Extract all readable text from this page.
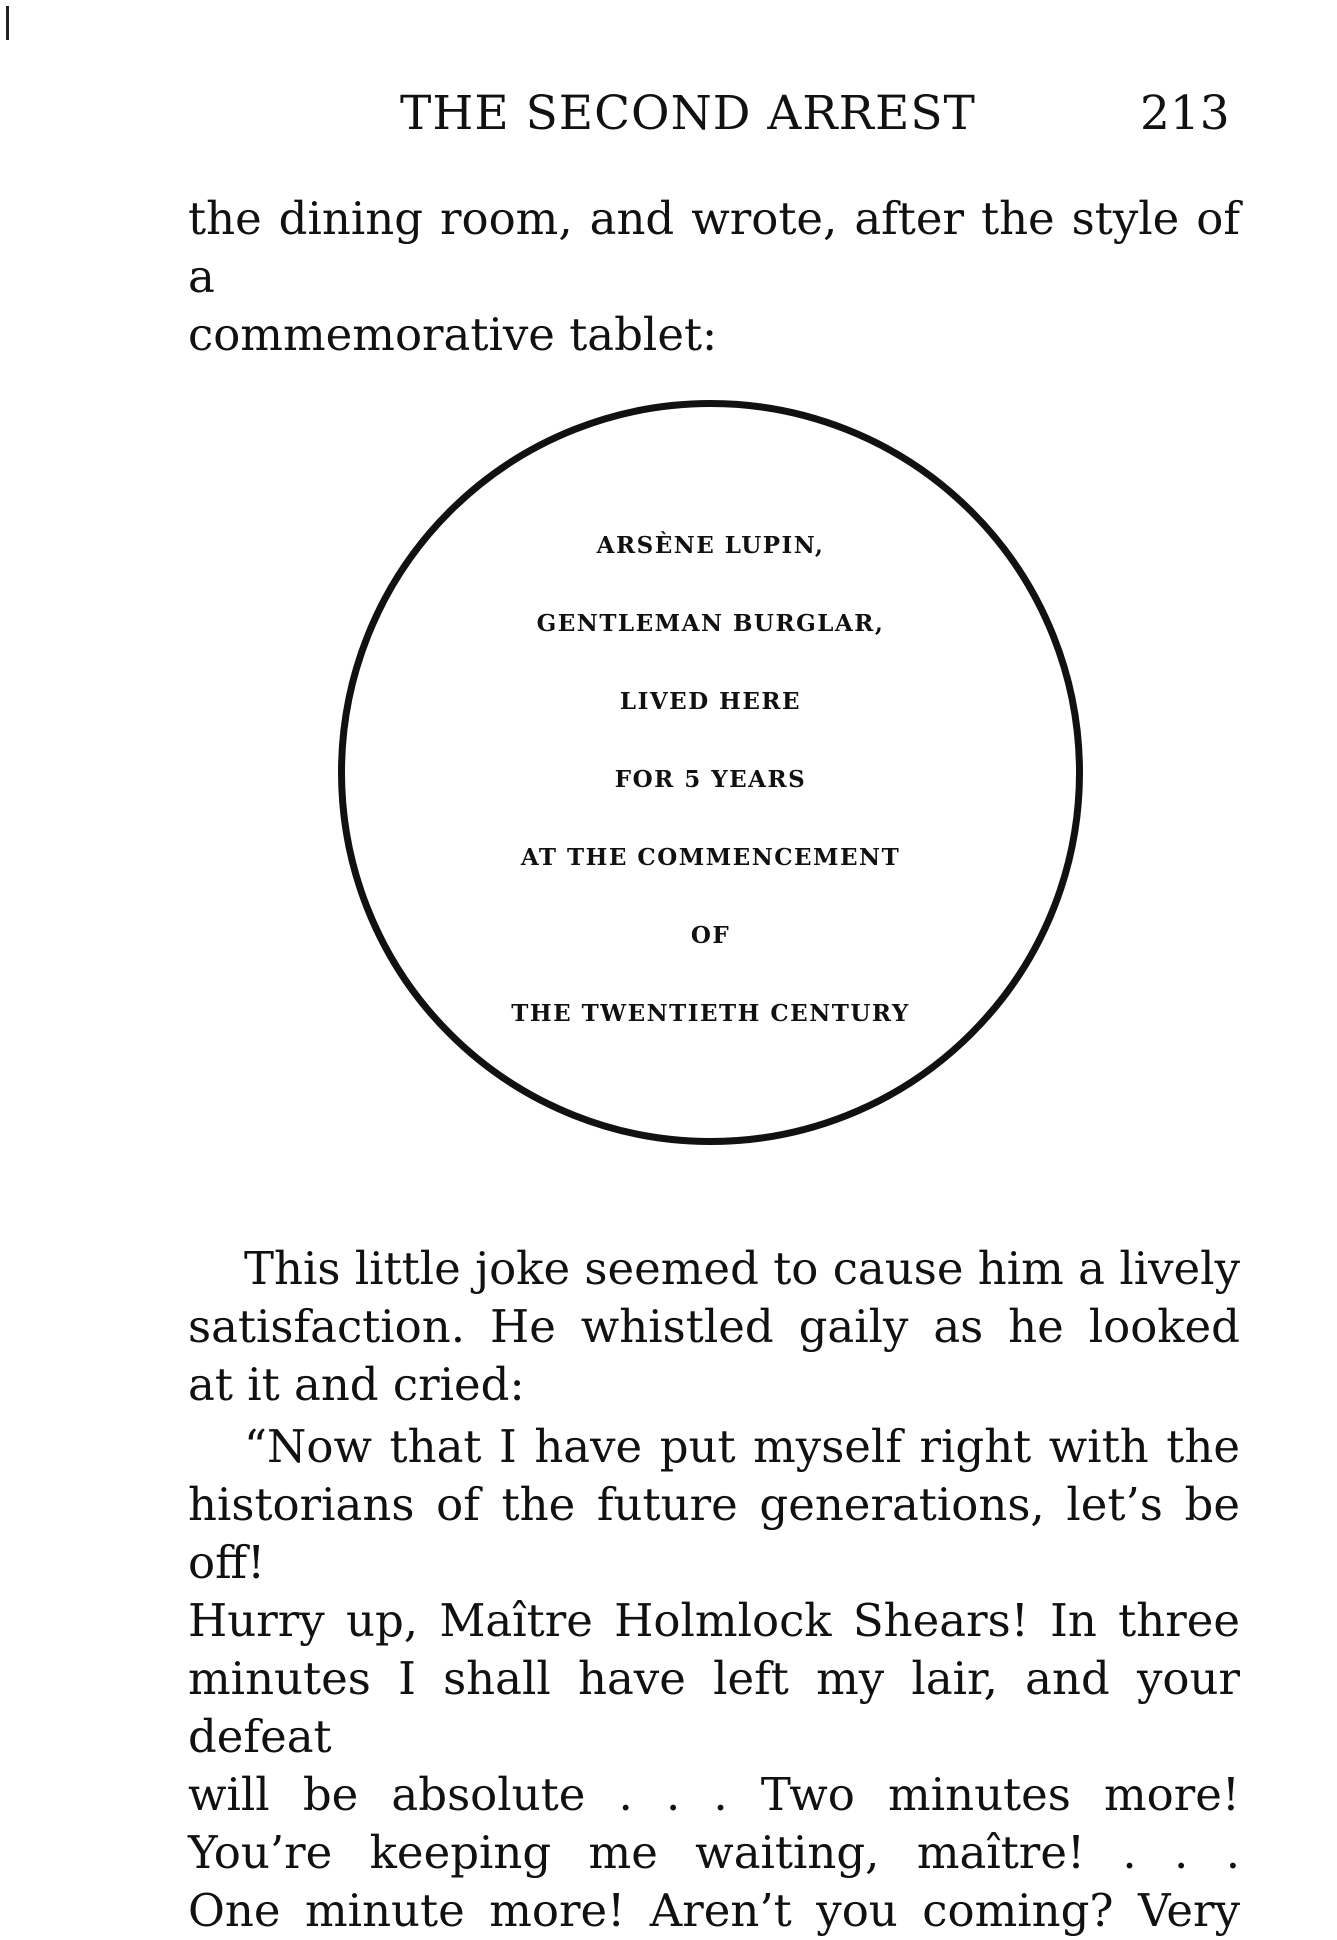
THE SECOND ARREST	213
the dining room, and wrote, after the style of a
commemorative tablet:
ARSÈNE LUPIN,
GENTLEMAN BURGLAR,
LIVED HERE
FOR 5 YEARS
AT THE COMMENCEMENT
OF
THE TWENTIETH CENTURY
This little joke seemed to cause him a lively
satisfaction. He whistled gaily as he looked
at it and cried:
“Now that I have put myself right with the
historians of the future generations, let’s be off!
Hurry up, Maître Holmlock Shears! In three
minutes I shall have left my lair, and your defeat
will be absolute . . . Two minutes more!
You’re keeping me waiting, maître! . . .
One minute more! Aren’t you coming? Very
